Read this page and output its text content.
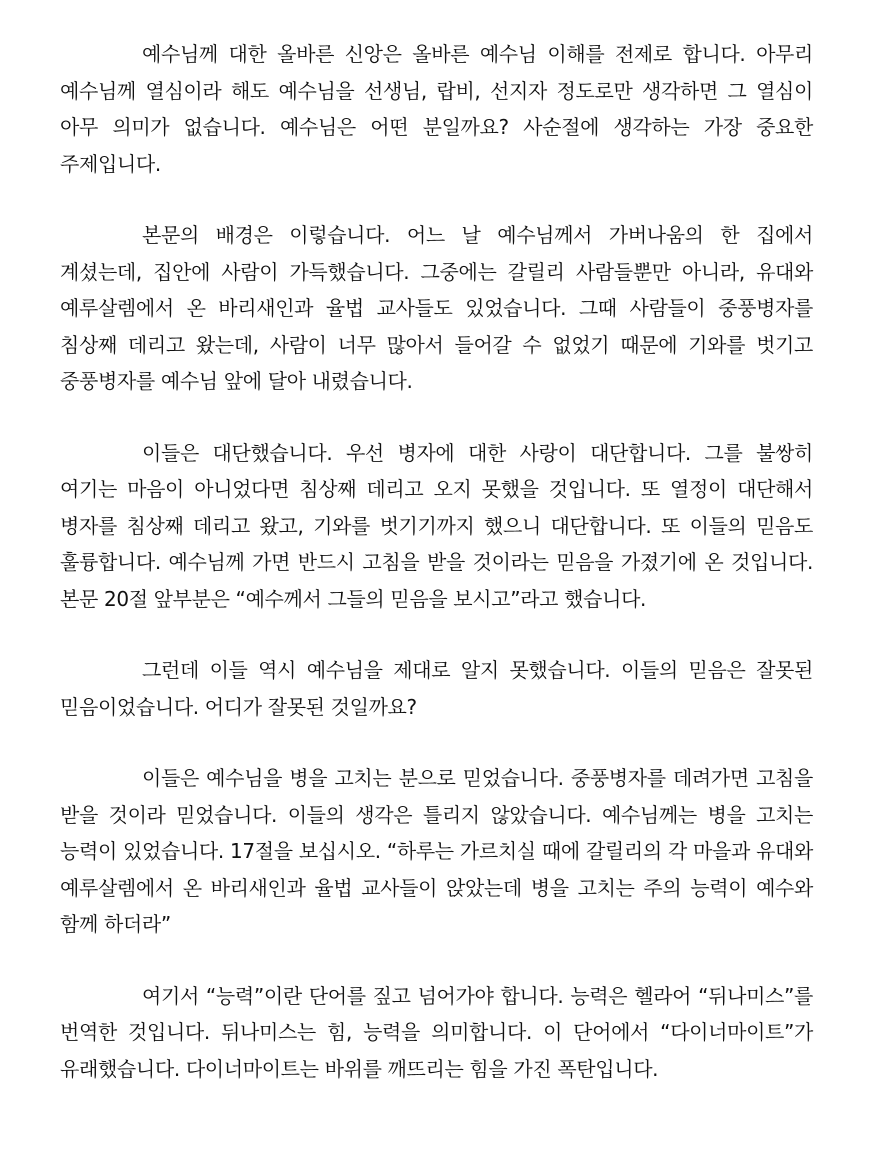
예수님께 대한 올바른 신앙은 올바른 예수님 이해를 전제로 합니다. 아무리 예수님께 열심이라 해도 예수님을 선생님, 랍비, 선지자 정도로만 생각하면 그 열심이 아무 의미가 없습니다. 예수님은 어떤 분일까요? 사순절에 생각하는 가장 중요한 주제입니다.

본문의 배경은 이렇습니다. 어느 날 예수님께서 가버나움의 한 집에서 계셨는데, 집안에 사람이 가득했습니다. 그중에는 갈릴리 사람들뿐만 아니라, 유대와 예루살렘에서 온 바리새인과 율법 교사들도 있었습니다. 그때 사람들이 중풍병자를 침상째 데리고 왔는데, 사람이 너무 많아서 들어갈 수 없었기 때문에 기와를 벗기고 중풍병자를 예수님 앞에 달아 내렸습니다.

이들은 대단했습니다. 우선 병자에 대한 사랑이 대단합니다. 그를 불쌍히 여기는 마음이 아니었다면 침상째 데리고 오지 못했을 것입니다. 또 열정이 대단해서 병자를 침상째 데리고 왔고, 기와를 벗기기까지 했으니 대단합니다. 또 이들의 믿음도 훌륭합니다. 예수님께 가면 반드시 고침을 받을 것이라는 믿음을 가졌기에 온 것입니다. 본문 20절 앞부분은 “예수께서 그들의 믿음을 보시고”라고 했습니다.

그런데 이들 역시 예수님을 제대로 알지 못했습니다. 이들의 믿음은 잘못된 믿음이었습니다. 어디가 잘못된 것일까요?

이들은 예수님을 병을 고치는 분으로 믿었습니다. 중풍병자를 데려가면 고침을 받을 것이라 믿었습니다. 이들의 생각은 틀리지 않았습니다. 예수님께는 병을 고치는 능력이 있었습니다. 17절을 보십시오. “하루는 가르치실 때에 갈릴리의 각 마을과 유대와 예루살렘에서 온 바리새인과 율법 교사들이 앉았는데 병을 고치는 주의 능력이 예수와 함께 하더라”

여기서 “능력”이란 단어를 짚고 넘어가야 합니다. 능력은 헬라어 “뒤나미스”를 번역한 것입니다. 뒤나미스는 힘, 능력을 의미합니다. 이 단어에서 “다이너마이트”가 유래했습니다. 다이너마이트는 바위를 깨뜨리는 힘을 가진 폭탄입니다.
